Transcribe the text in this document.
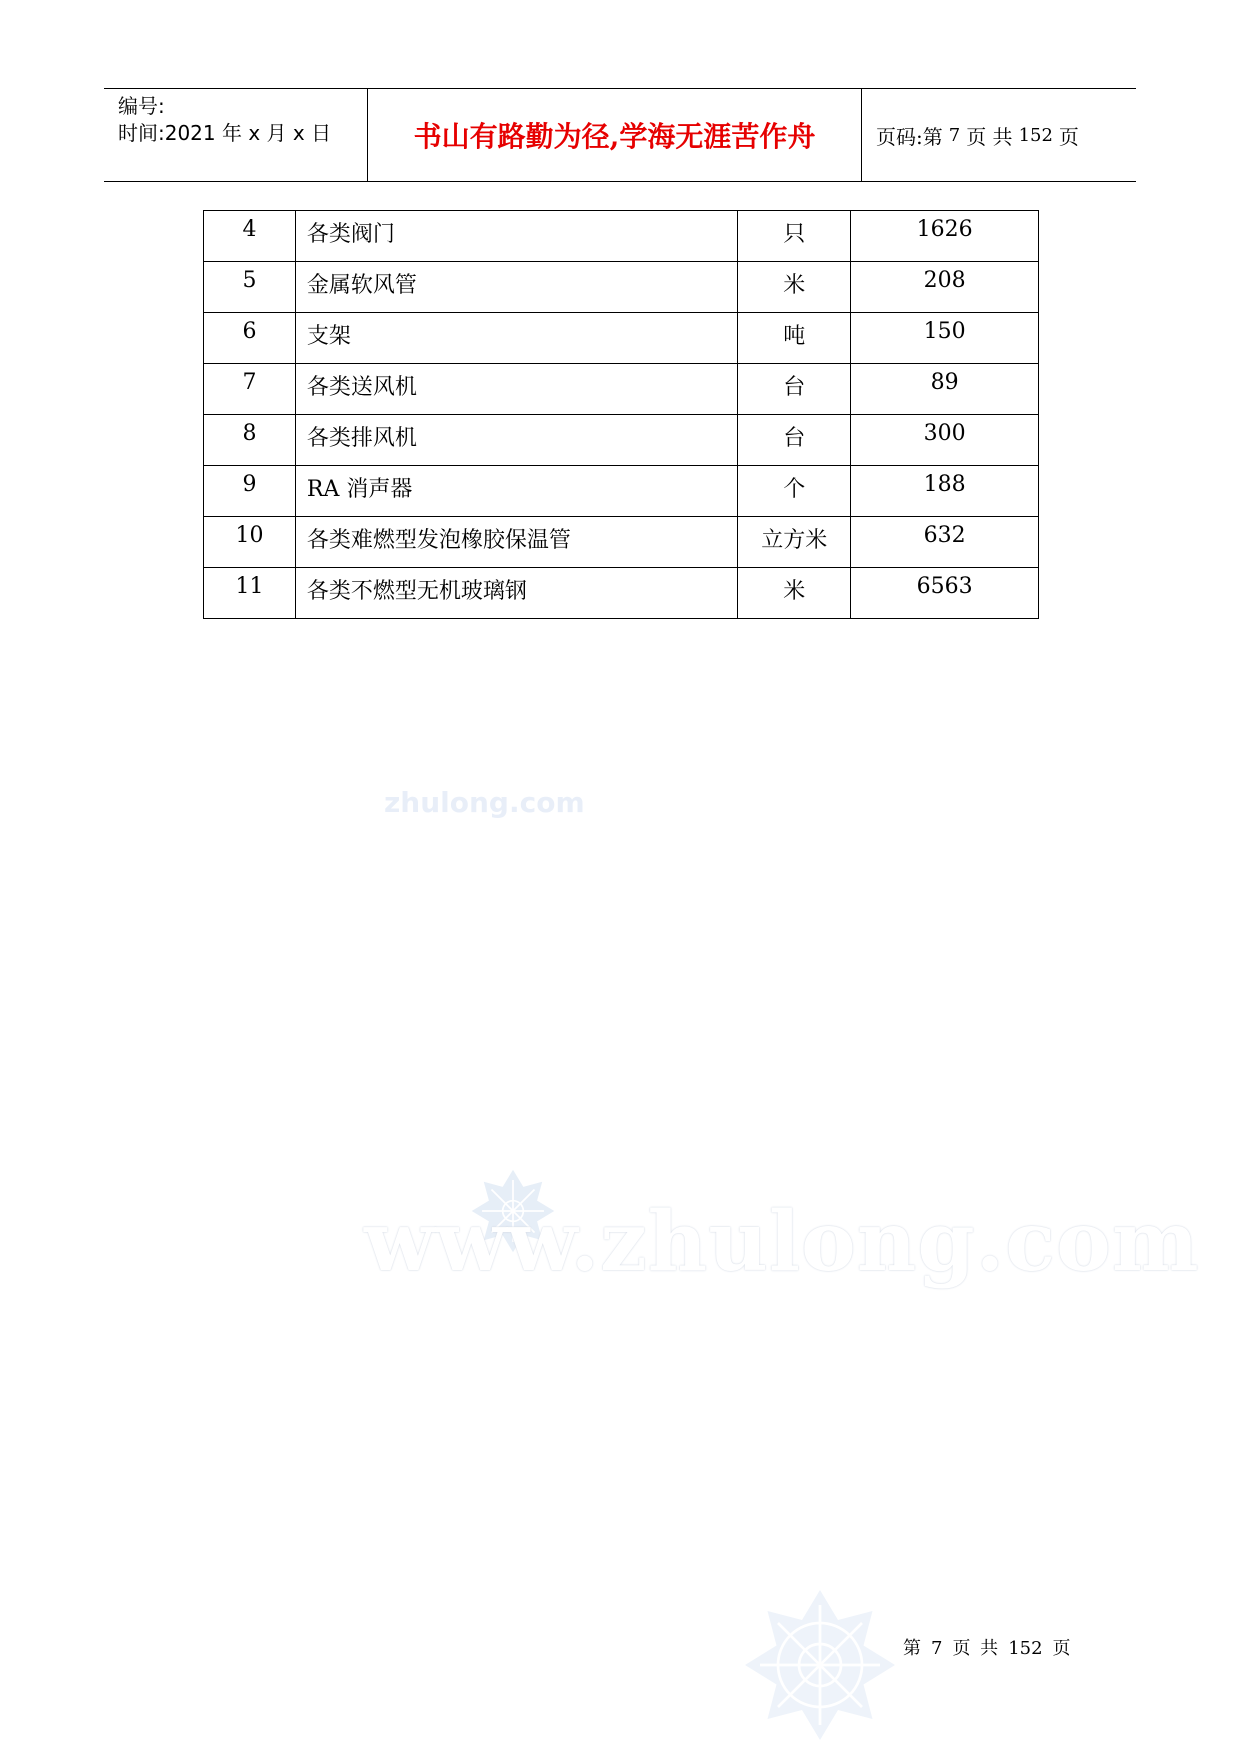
编号:
时间:2021 年 x 月 x 日	书山有路勤为径,学海无涯苦作舟	页码:第 7 页 共 152 页
4	各类阀门	只	1626
5	金属软风管	米	208
6	支架	吨	150
7	各类送风机	台	89
8	各类排风机	台	300
9	RA 消声器	个	188
10	各类难燃型发泡橡胶保温管	立方米	632
11	各类不燃型无机玻璃钢	米	6563
zhulong.com
www.zhulong.com
第 7 页 共 152 页
